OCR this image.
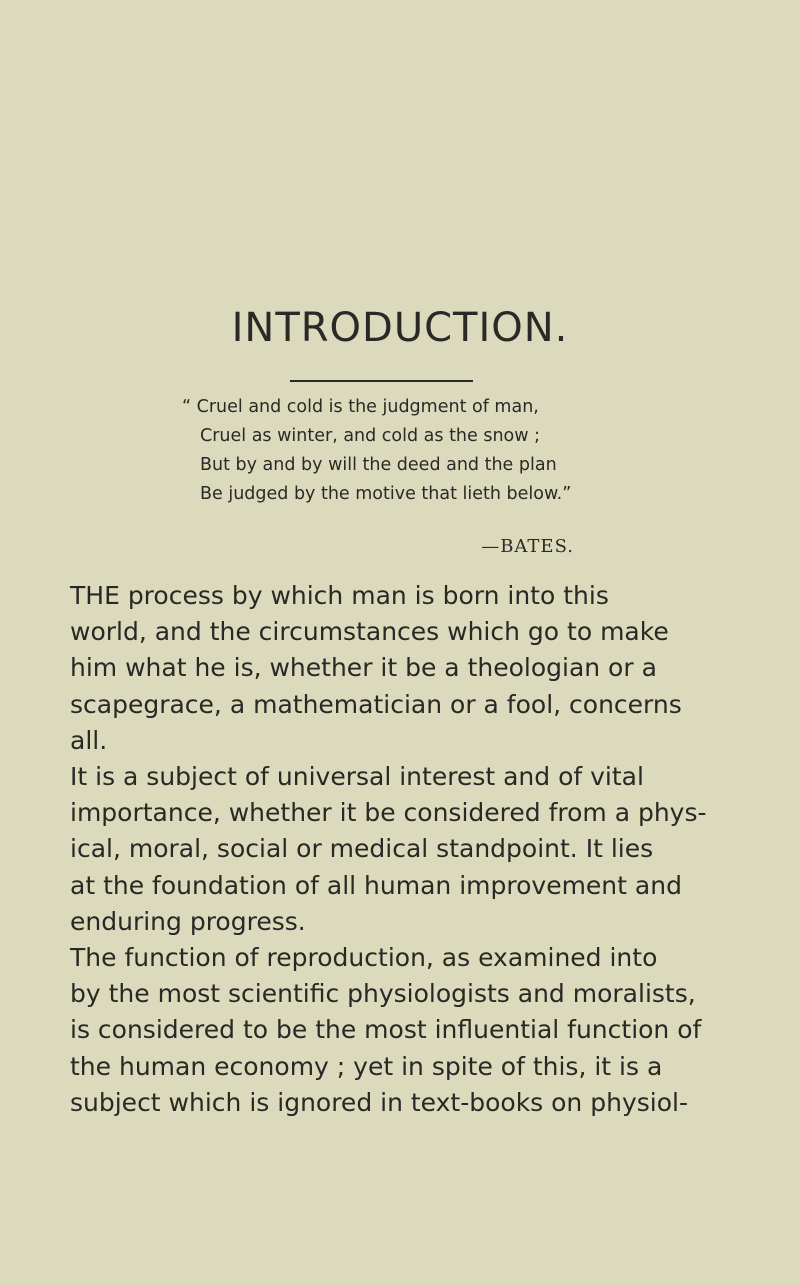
INTRODUCTION.
“ Cruel and cold is the judgment of man,
Cruel as winter, and cold as the snow ;
But by and by will the deed and the plan
Be judged by the motive that lieth below.”
—BATES.
THE process by which man is born into this
world, and the circumstances which go to make
him what he is, whether it be a theologian or a
scapegrace, a mathematician or a fool, concerns
all.
It is a subject of universal interest and of vital
importance, whether it be considered from a phys-
ical, moral, social or medical standpoint. It lies
at the foundation of all human improvement and
enduring progress.
The function of reproduction, as examined into
by the most scientific physiologists and moralists,
is considered to be the most influential function of
the human economy ; yet in spite of this, it is a
subject which is ignored in text-books on physiol-
